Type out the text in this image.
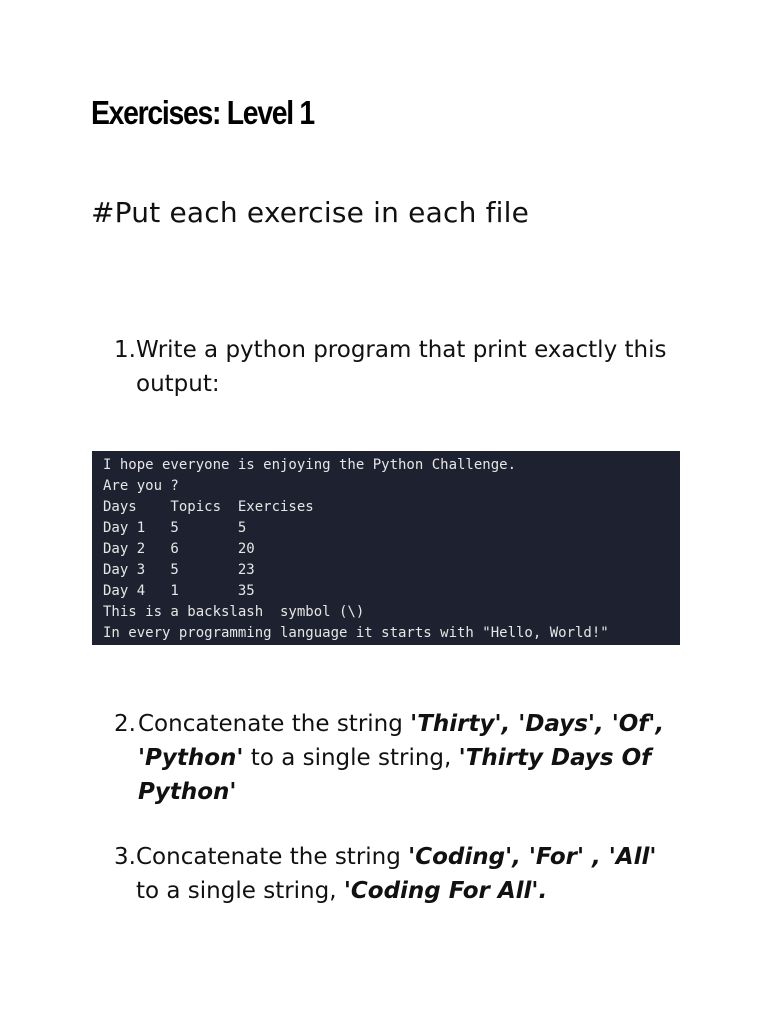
Exercises: Level 1
#Put each exercise in each file
1. Write a python program that print exactly this output:
I hope everyone is enjoying the Python Challenge.
Are you ?
Days    Topics  Exercises
Day 1   5       5
Day 2   6       20
Day 3   5       23
Day 4   1       35
This is a backslash  symbol (\)
In every programming language it starts with "Hello, World!"
2. Concatenate the string 'Thirty', 'Days', 'Of', 'Python' to a single string, 'Thirty Days Of Python'
3. Concatenate the string 'Coding', 'For' , 'All' to a single string, 'Coding For All'.
